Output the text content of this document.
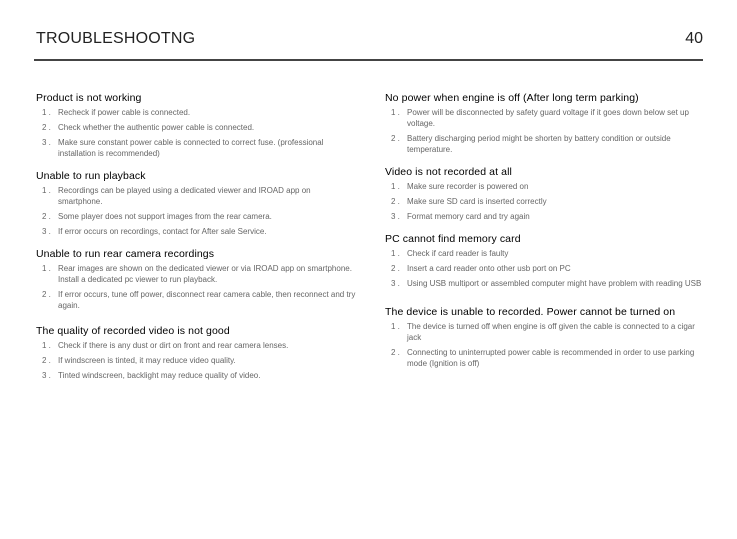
TROUBLESHOOTNG	40
Product is not working
1 . Recheck if power cable is connected.
2 . Check whether the authentic power cable is connected.
3 . Make sure constant power cable is connected to correct fuse. (professional installation is recommended)
Unable to run playback
1 . Recordings can be played using a dedicated viewer and IROAD app on smartphone.
2 . Some player does not support images from the rear camera.
3 . If error occurs on recordings, contact for After sale Service.
Unable to run rear camera recordings
1 . Rear images are shown on the dedicated viewer or via IROAD app on smartphone. Install a dedicated pc viewer to run playback.
2 . If error occurs, tune off power, disconnect rear camera cable, then reconnect and try again.
The quality of recorded video is not good
1 . Check if there is any dust or dirt on front and rear camera lenses.
2 . If windscreen is tinted, it may reduce video quality.
3 . Tinted windscreen, backlight may reduce quality of video.
No power when engine is off (After long term parking)
1 . Power will be disconnected by safety guard voltage if it goes down below set up voltage.
2 . Battery discharging period might be shorten by battery condition or outside temperature.
Video is not recorded at all
1 . Make sure recorder is powered on
2 . Make sure SD card is inserted correctly
3 . Format memory card and try again
PC cannot find memory card
1 . Check if card reader is faulty
2 . Insert a card reader onto other usb port on PC
3 . Using USB multiport or assembled computer might have problem with reading USB
The device is unable to recorded. Power cannot be turned on
1 . The device is turned off when engine is off given the cable is connected to a cigar jack
2 . Connecting to uninterrupted power cable is recommended in order to use parking mode (Ignition is off)
